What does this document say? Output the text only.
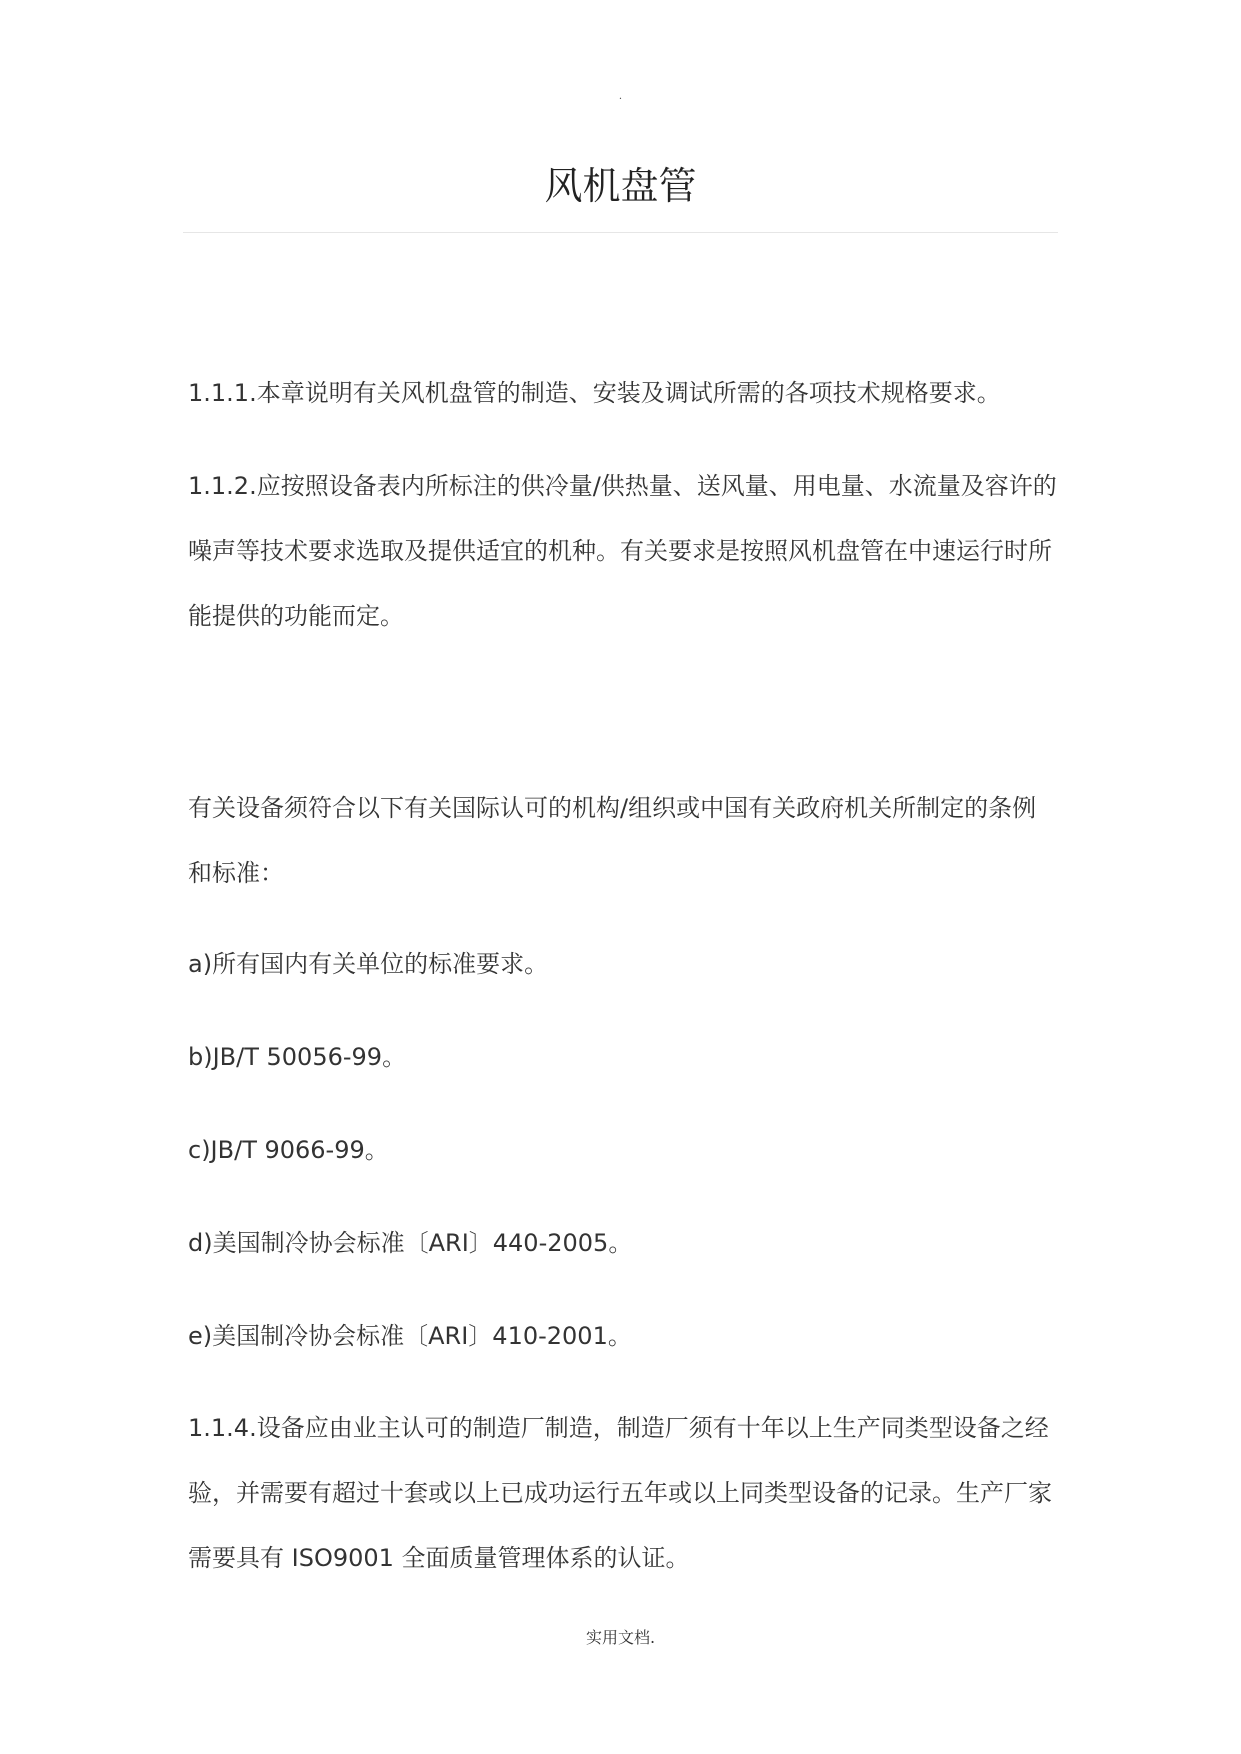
.
风机盘管

1.1.1.本章说明有关风机盘管的制造、安装及调试所需的各项技术规格要求。

1.1.2.应按照设备表内所标注的供冷量/供热量、送风量、用电量、水流量及容许的噪声等技术要求选取及提供适宜的机种。有关要求是按照风机盘管在中速运行时所能提供的功能而定。

有关设备须符合以下有关国际认可的机构/组织或中国有关政府机关所制定的条例和标准：

a)所有国内有关单位的标准要求。

b)JB/T 50056-99。

c)JB/T 9066-99。

d)美国制冷协会标准〔ARI〕440-2005。

e)美国制冷协会标准〔ARI〕410-2001。

1.1.4.设备应由业主认可的制造厂制造，制造厂须有十年以上生产同类型设备之经验，并需要有超过十套或以上已成功运行五年或以上同类型设备的记录。生产厂家需要具有 ISO9001 全面质量管理体系的认证。

实用文档.
